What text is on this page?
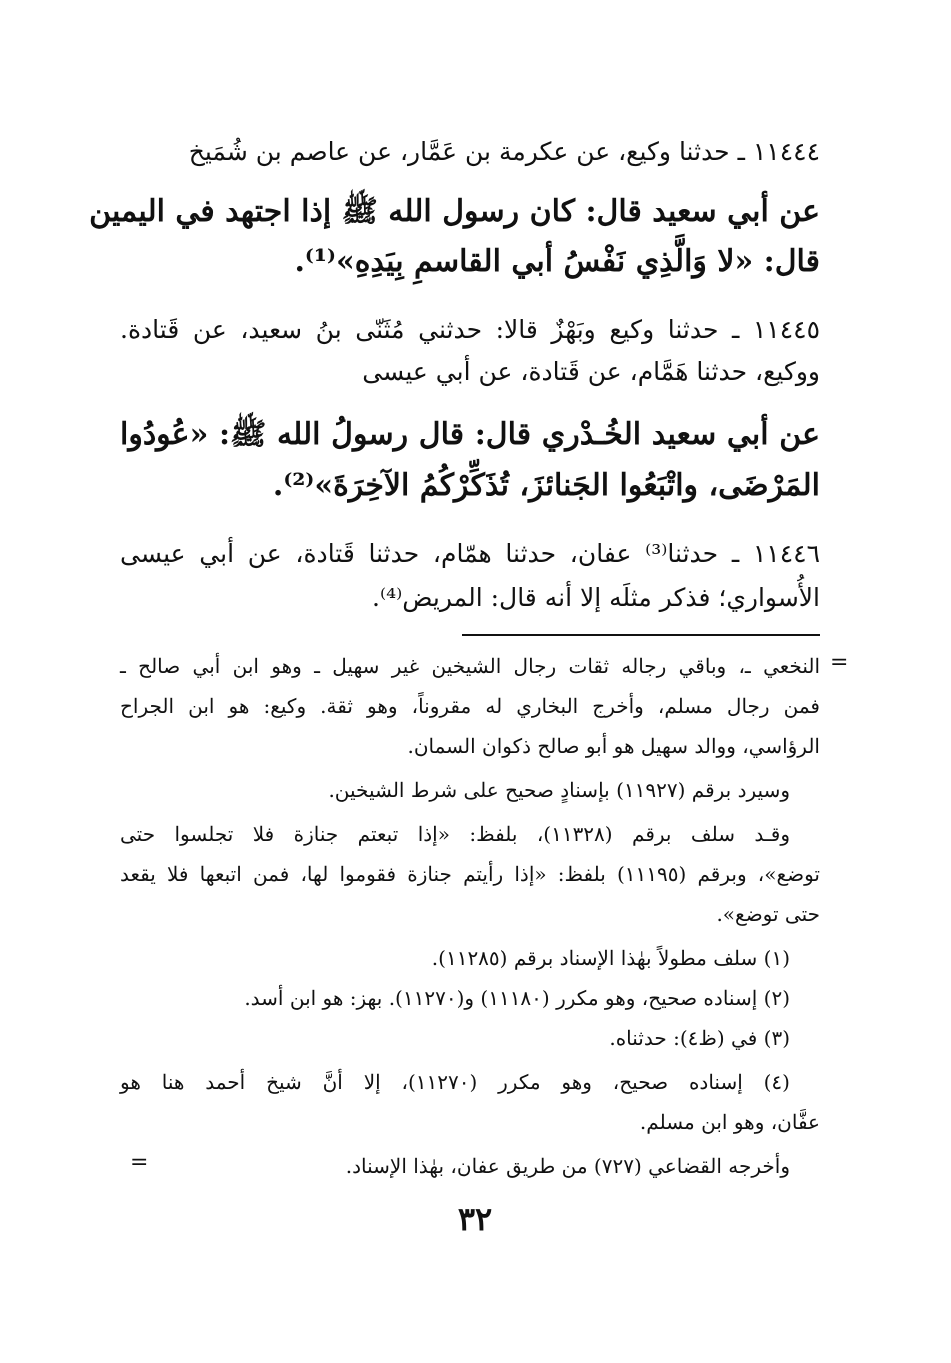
١١٤٤٤ ـ حدثنا وكيع، عن عكرمة بن عَمَّار، عن عاصم بن شُمَيخ
عن أبي سعيد قال: كان رسول الله ﷺ إذا اجتهد في اليمين
قال: «لا وَالَّذِي نَفْسُ أبي القاسمِ بِيَدِهِ»⁽¹⁾.
١١٤٤٥ ـ حدثنا وكيع وبَهْزٌ قالا: حدثني مُثَنّى بنُ سعيد، عن قَتادة.
ووكيع، حدثنا هَمَّام، عن قَتادة، عن أبي عيسى
عن أبي سعيد الخُـدْري قال: قال رسولُ الله ﷺ: «عُودُوا
المَرْضَى، واتْبَعُوا الجَنائزَ، تُذَكِّرْكُمُ الآخِرَةَ»⁽²⁾.
١١٤٤٦ ـ حدثنا⁽³⁾ عفان، حدثنا همّام، حدثنا قَتادة، عن أبي عيسى
الأُسواري؛ فذكر مثلَه إلا أنه قال: المريض⁽⁴⁾.
=
النخعي ـ، وباقي رجاله ثقات رجال الشيخين غير سهيل ـ وهو ابن أبي صالح ـ
فمن رجال مسلم، وأخرج البخاري له مقروناً، وهو ثقة. وكيع: هو ابن الجراح
الرؤاسي، ووالد سهيل هو أبو صالح ذكوان السمان.
وسيرد برقم (١١٩٢٧) بإسنادٍ صحيح على شرط الشيخين.
وقـد سلف برقم (١١٣٢٨)، بلفظ: «إذا تبعتم جنازة فلا تجلسوا حتى
توضع»، وبرقم (١١١٩٥) بلفظ: «إذا رأيتم جنازة فقوموا لها، فمن اتبعها فلا يقعد
حتى توضع».
(١) سلف مطولاً بهٰذا الإسناد برقم (١١٢٨٥).
(٢) إسناده صحيح، وهو مكرر (١١١٨٠) و(١١٢٧٠). بهز: هو ابن أسد.
(٣) في (ظ٤): حدثناه.
(٤) إسناده صحيح، وهو مكرر (١١٢٧٠)، إلا أنَّ شيخ أحمد هنا هو
عفَّان، وهو ابن مسلم.
وأخرجه القضاعي (٧٢٧) من طريق عفان، بهٰذا الإسناد.
=
٣٢
